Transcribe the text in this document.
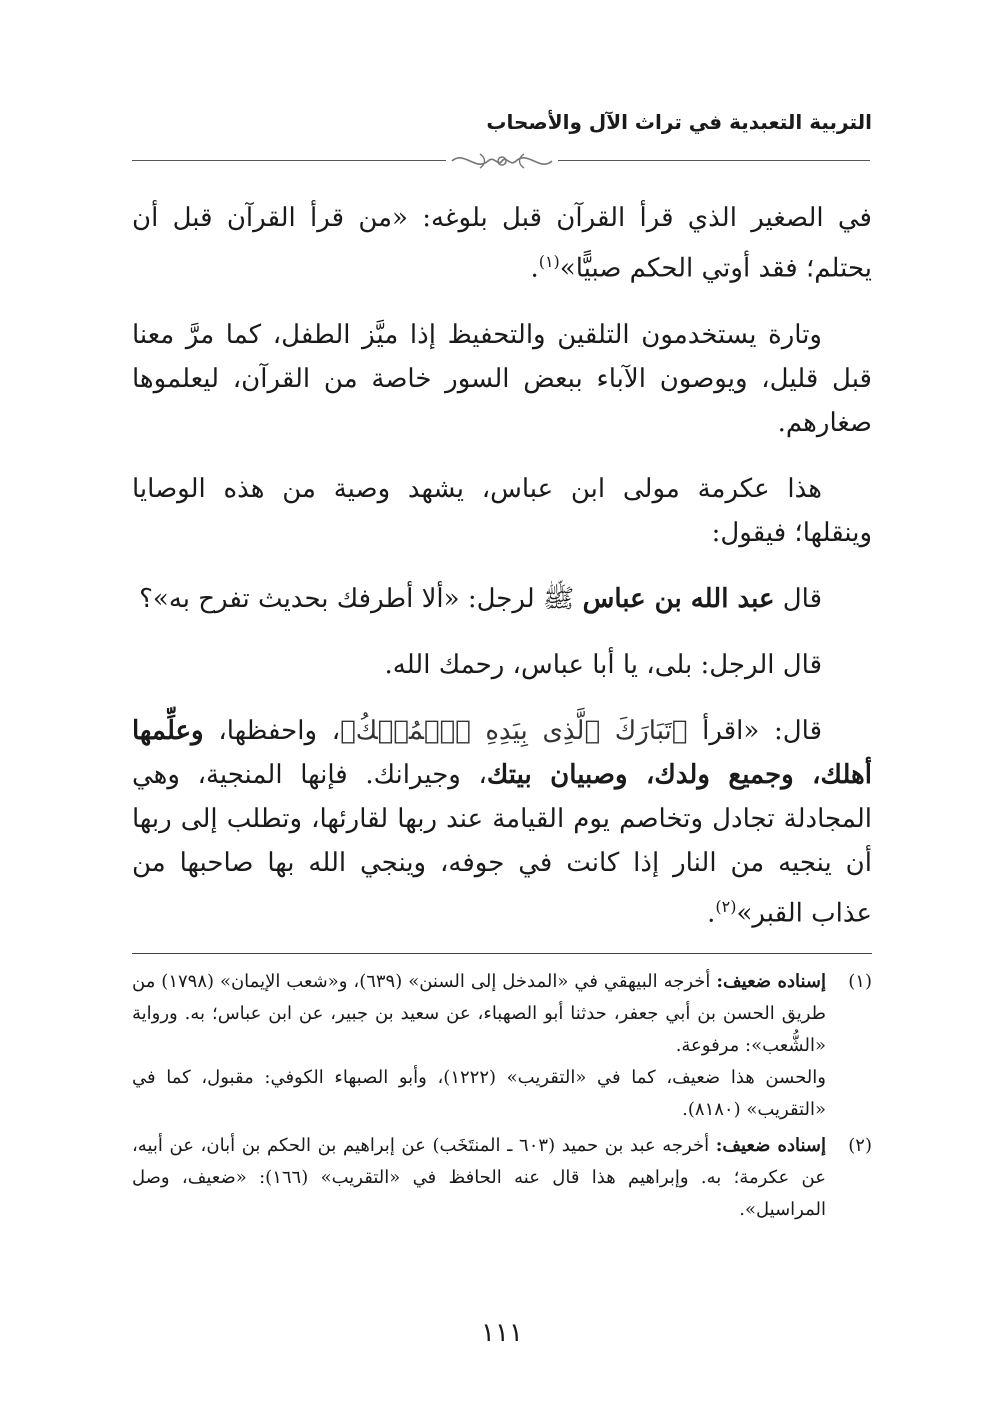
التربية التعبدية في تراث الآل والأصحاب

في الصغير الذي قرأ القرآن قبل بلوغه: «من قرأ القرآن قبل أن يحتلم؛ فقد أوتي الحكم صبيًّا»$^{(١)}$.

وتارة يستخدمون التلقين والتحفيظ إذا ميَّز الطفل، كما مرَّ معنا قبل قليل، ويوصون الآباء ببعض السور خاصة من القرآن، ليعلموها صغارهم.

هذا عكرمة مولى ابن عباس، يشهد وصية من هذه الوصايا وينقلها؛ فيقول:

قال عبد الله بن عباس ﷺ لرجل: «ألا أطرفك بحديث تفرح به»؟

قال الرجل: بلى، يا أبا عباس، رحمك الله.

قال: «اقرأ ﴿تَبَارَكَ ٱلَّذِى بِيَدِهِ ٱلۡمُلۡكُ﴾، واحفظها، وعلِّمها أهلك، وجميع ولدك، وصبيان بيتك، وجيرانك. فإنها المنجية، وهي المجادلة تجادل وتخاصم يوم القيامة عند ربها لقارئها، وتطلب إلى ربها أن ينجيه من النار إذا كانت في جوفه، وينجي الله بها صاحبها من عذاب القبر»$^{(٢)}$.

(١)

إسناده ضعيف: أخرجه البيهقي في «المدخل إلى السنن» (٦٣٩)، و«شعب الإيمان» (١٧٩٨) من طريق الحسن بن أبي جعفر، حدثنا أبو الصهباء، عن سعيد بن جبير، عن ابن عباس؛ به. ورواية «الشُّعب»: مرفوعة.

والحسن هذا ضعيف، كما في «التقريب» (١٢٢٢)، وأبو الصبهاء الكوفي: مقبول، كما في «التقريب» (٨١٨٠).

(٢)

إسناده ضعيف: أخرجه عبد بن حميد (٦٠٣ ـ المنتَخَب) عن إبراهيم بن الحكم بن أبان، عن أبيه، عن عكرمة؛ به. وإبراهيم هذا قال عنه الحافظ في «التقريب» (١٦٦): «ضعيف، وصل المراسيل».

١١١
